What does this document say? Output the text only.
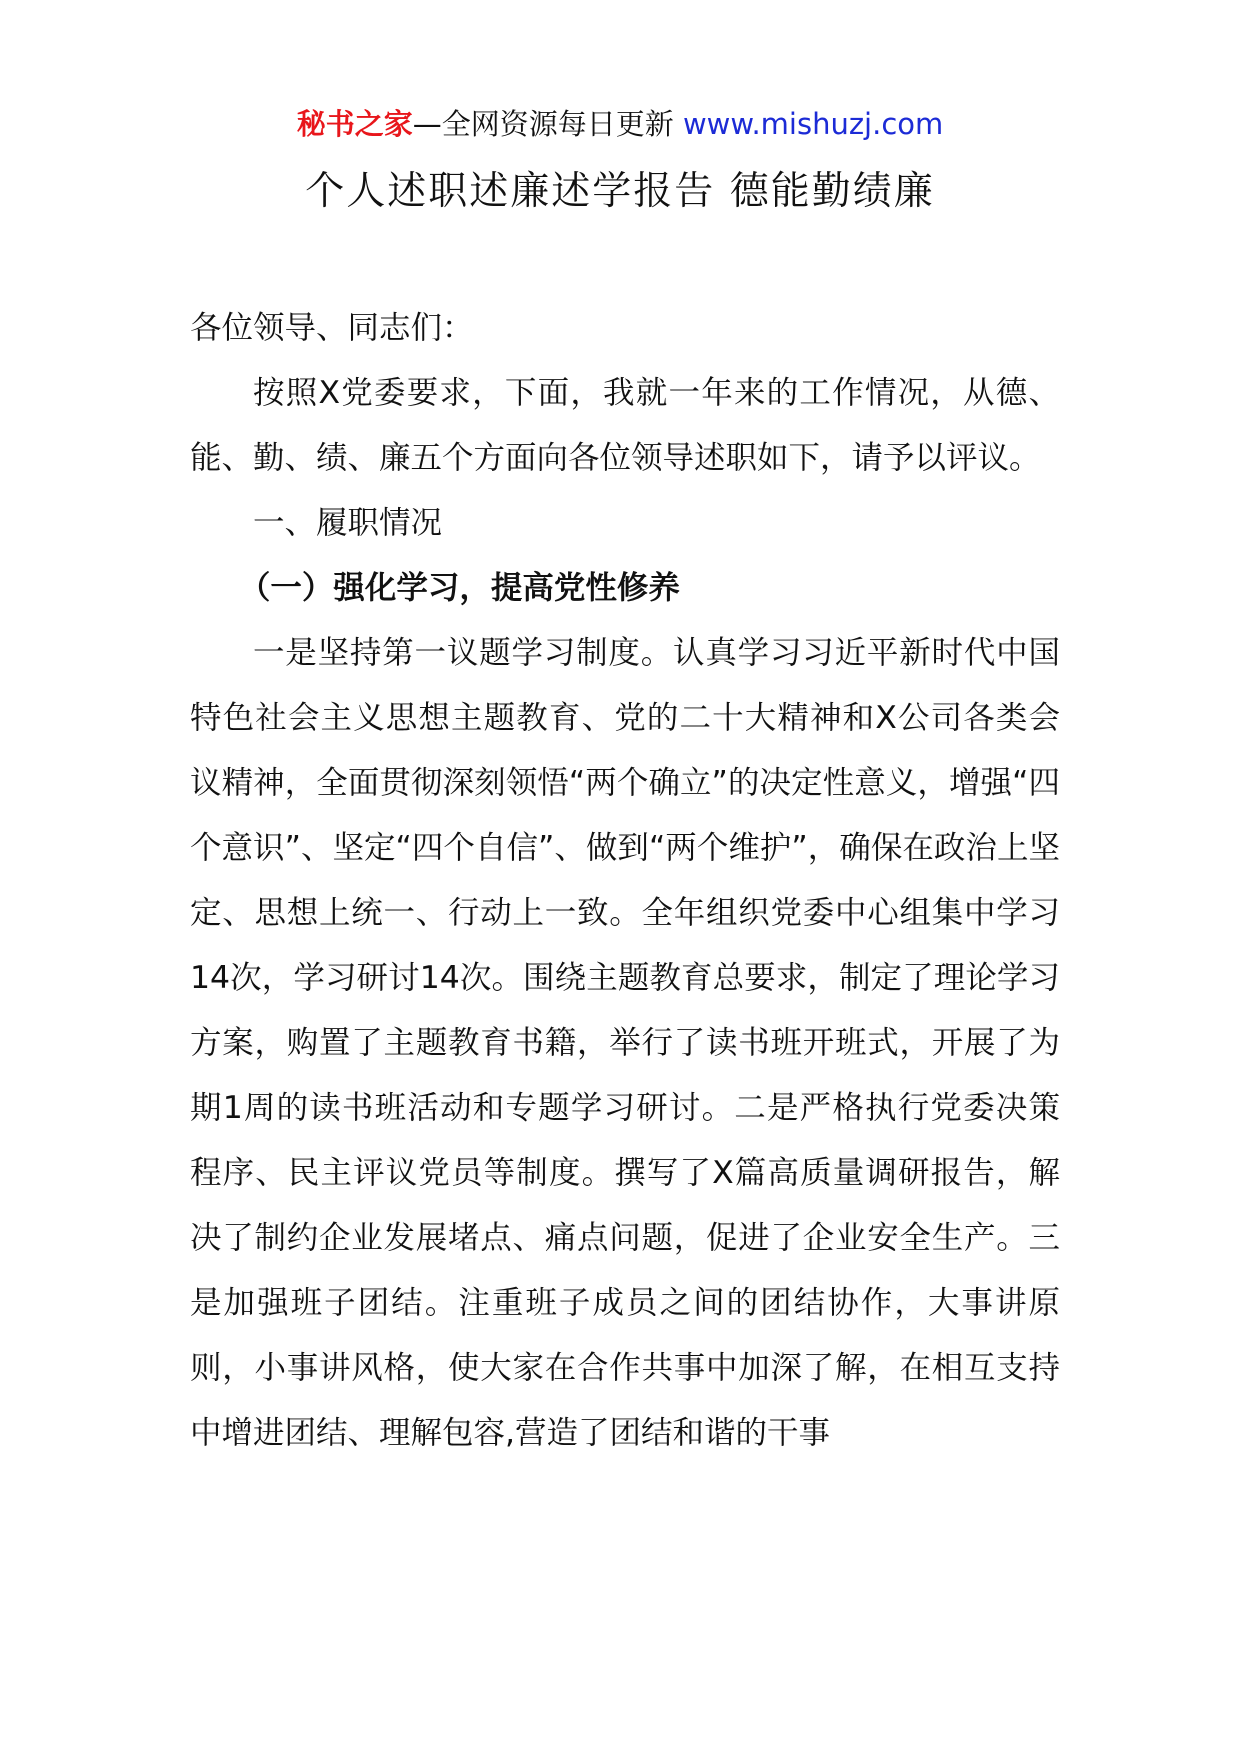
秘书之家—全网资源每日更新 www.mishuzj.com
个人述职述廉述学报告 德能勤绩廉

各位领导、同志们：

按照X党委要求，下面，我就一年来的工作情况，从德、能、勤、绩、廉五个方面向各位领导述职如下，请予以评议。

一、履职情况

（一）强化学习，提高党性修养

一是坚持第一议题学习制度。认真学习习近平新时代中国特色社会主义思想主题教育、党的二十大精神和X公司各类会议精神，全面贯彻深刻领悟“两个确立”的决定性意义，增强“四个意识”、坚定“四个自信”、做到“两个维护”，确保在政治上坚定、思想上统一、行动上一致。全年组织党委中心组集中学习14次，学习研讨14次。围绕主题教育总要求，制定了理论学习方案，购置了主题教育书籍，举行了读书班开班式，开展了为期1周的读书班活动和专题学习研讨。二是严格执行党委决策程序、民主评议党员等制度。撰写了X篇高质量调研报告，解决了制约企业发展堵点、痛点问题，促进了企业安全生产。三是加强班子团结。注重班子成员之间的团结协作，大事讲原则，小事讲风格，使大家在合作共事中加深了解，在相互支持中增进团结、理解包容,营造了团结和谐的干事
